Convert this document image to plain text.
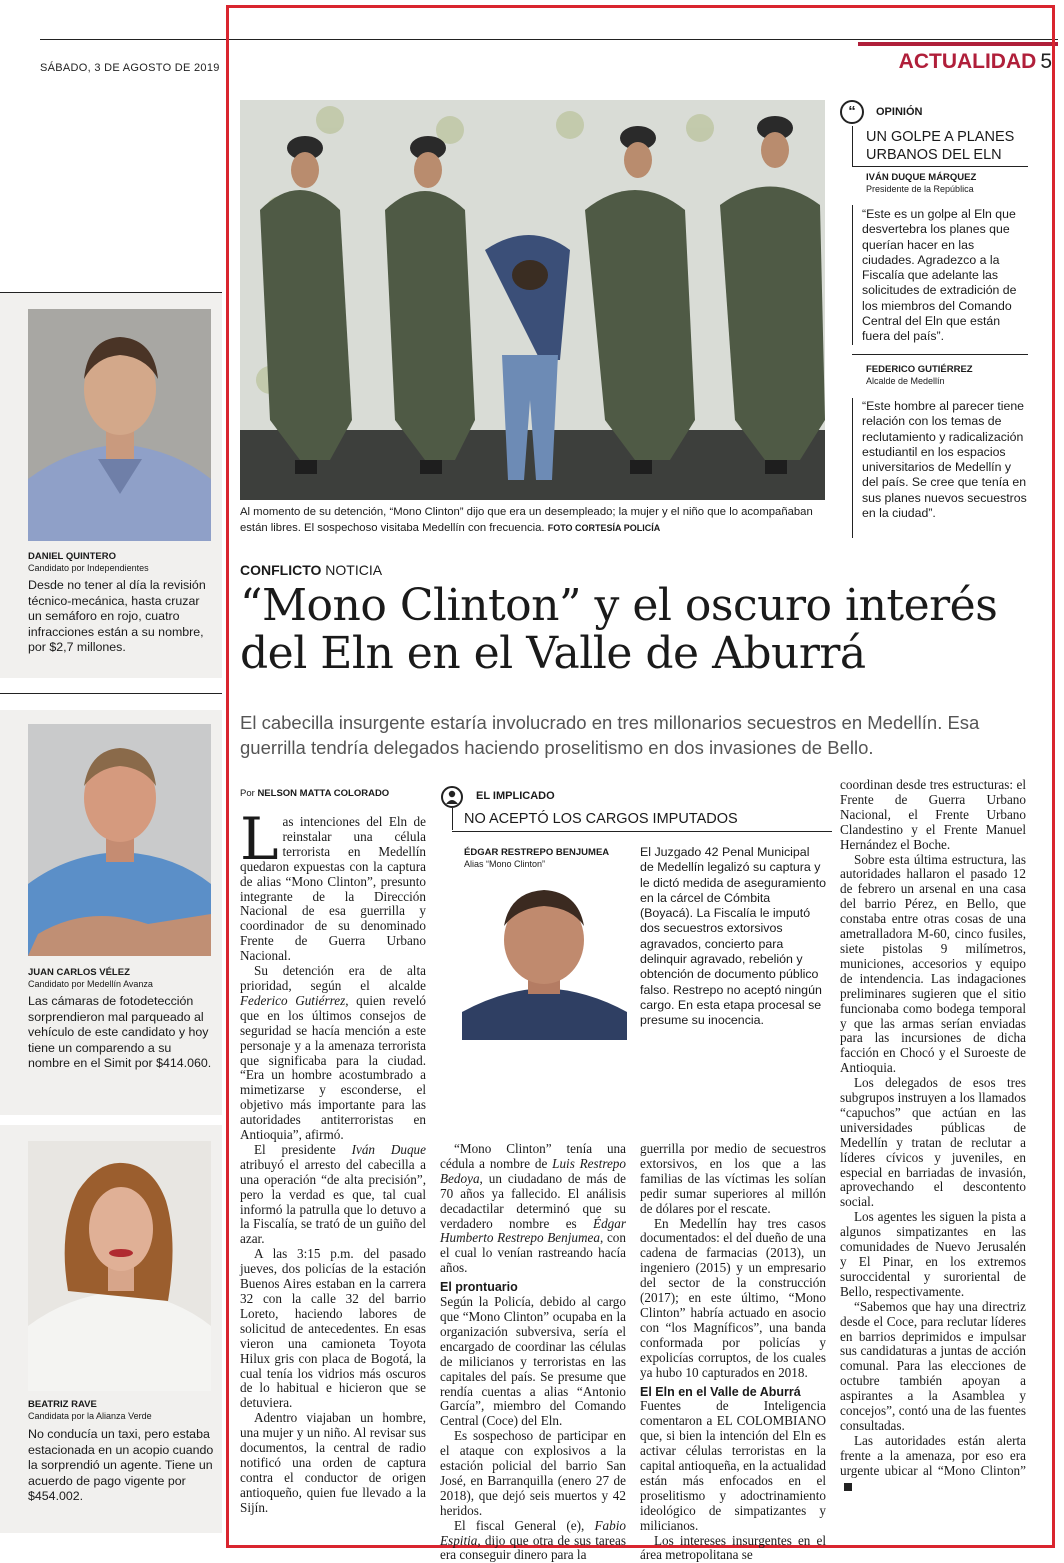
SÁBADO, 3 DE AGOSTO DE 2019	ACTUALIDAD 5
DANIEL QUINTERO
Candidato por Independientes
Desde no tener al día la revisión técnico-mecánica, hasta cruzar un semáforo en rojo, cuatro infracciones están a su nombre, por $2,7 millones.
JUAN CARLOS VÉLEZ
Candidato por Medellín Avanza
Las cámaras de fotodetección sorprendieron mal parqueado al vehículo de este candidato y hoy tiene un comparendo a su nombre en el Simit por $414.060.
BEATRIZ RAVE
Candidata por la Alianza Verde
No conducía un taxi, pero estaba estacionada en un acopio cuando la sorprendió un agente. Tiene un acuerdo de pago vigente por $454.002.
Al momento de su detención, “Mono Clinton” dijo que era un desempleado; la mujer y el niño que lo acompañaban están libres. El sospechoso visitaba Medellín con frecuencia. FOTO CORTESÍA POLICÍA
“	OPINIÓN
UN GOLPE A PLANES URBANOS DEL ELN
IVÁN DUQUE MÁRQUEZ
Presidente de la República
“Este es un golpe al Eln que desvertebra los planes que querían hacer en las ciudades. Agradezco a la Fiscalía que adelante las solicitudes de extradición de los miembros del Comando Central del Eln que están fuera del país”.
FEDERICO GUTIÉRREZ
Alcalde de Medellín
“Este hombre al parecer tiene relación con los temas de reclutamiento y radicalización estudiantil en los espacios universitarios de Medellín y del país. Se cree que tenía en sus planes nuevos secuestros en la ciudad”.
CONFLICTO NOTICIA
“Mono Clinton” y el oscuro interés del Eln en el Valle de Aburrá
El cabecilla insurgente estaría involucrado en tres millonarios secuestros en Medellín. Esa guerrilla tendría delegados haciendo proselitismo en dos invasiones de Bello.
Por NELSON MATTA COLORADO

Las intenciones del Eln de reinstalar una célula terrorista en Medellín quedaron expuestas con la captura de alias “Mono Clinton”, presunto integrante de la Dirección Nacional de esa guerrilla y coordinador de su denominado Frente de Guerra Urbano Nacional.

Su detención era de alta prioridad, según el alcalde Federico Gutiérrez, quien reveló que en los últimos consejos de seguridad se hacía mención a este personaje y a la amenaza terrorista que significaba para la ciudad. “Era un hombre acostumbrado a mimetizarse y esconderse, el objetivo más importante para las autoridades antiterroristas en Antioquia”, afirmó.

El presidente Iván Duque atribuyó el arresto del cabecilla a una operación “de alta precisión”, pero la verdad es que, tal cual informó la patrulla que lo detuvo a la Fiscalía, se trató de un guiño del azar.

A las 3:15 p.m. del pasado jueves, dos policías de la estación Buenos Aires estaban en la carrera 32 con la calle 32 del barrio Loreto, haciendo labores de solicitud de antecedentes. En esas vieron una camioneta Toyota Hilux gris con placa de Bogotá, la cual tenía los vidrios más oscuros de lo habitual e hicieron que se detuviera.

Adentro viajaban un hombre, una mujer y un niño. Al revisar sus documentos, la central de radio notificó una orden de captura contra el conductor de origen antioqueño, quien fue llevado a la Sijín.

EL IMPLICADO
NO ACEPTÓ LOS CARGOS IMPUTADOS
ÉDGAR RESTREPO BENJUMEA
Alias “Mono Clinton”
El Juzgado 42 Penal Municipal de Medellín legalizó su captura y le dictó medida de aseguramiento en la cárcel de Cómbita (Boyacá). La Fiscalía le imputó dos secuestros extorsivos agravados, concierto para delinquir agravado, rebelión y obtención de documento público falso. Restrepo no aceptó ningún cargo. En esta etapa procesal se presume su inocencia.

“Mono Clinton” tenía una cédula a nombre de Luis Restrepo Bedoya, un ciudadano de más de 70 años ya fallecido. El análisis decadactilar determinó que su verdadero nombre es Édgar Humberto Restrepo Benjumea, con el cual lo venían rastreando hacía años.

El prontuario

Según la Policía, debido al cargo que “Mono Clinton” ocupaba en la organización subversiva, sería el encargado de coordinar las células de milicianos y terroristas en las capitales del país. Se presume que rendía cuentas a alias “Antonio García”, miembro del Comando Central (Coce) del Eln.

Es sospechoso de participar en el ataque con explosivos a la estación policial del barrio San José, en Barranquilla (enero 27 de 2018), que dejó seis muertos y 42 heridos.

El fiscal General (e), Fabio Espitia, dijo que otra de sus tareas era conseguir dinero para la

guerrilla por medio de secuestros extorsivos, en los que a las familias de las víctimas les solían pedir sumar superiores al millón de dólares por el rescate.

En Medellín hay tres casos documentados: el del dueño de una cadena de farmacias (2013), un ingeniero (2015) y un empresario del sector de la construcción (2017); en este último, “Mono Clinton” habría actuado en asocio con “los Magníficos”, una banda conformada por policías y expolicías corruptos, de los cuales ya hubo 10 capturados en 2018.

El Eln en el Valle de Aburrá

Fuentes de Inteligencia comentaron a EL COLOMBIANO que, si bien la intención del Eln es activar células terroristas en la capital antioqueña, en la actualidad están más enfocados en el proselitismo y adoctrinamiento ideológico de simpatizantes y milicianos.

Los intereses insurgentes en el área metropolitana se

coordinan desde tres estructuras: el Frente de Guerra Urbano Nacional, el Frente Urbano Clandestino y el Frente Manuel Hernández el Boche.

Sobre esta última estructura, las autoridades hallaron el pasado 12 de febrero un arsenal en una casa del barrio Pérez, en Bello, que constaba entre otras cosas de una ametralladora M-60, cinco fusiles, siete pistolas 9 milímetros, municiones, accesorios y equipo de intendencia. Las indagaciones preliminares sugieren que el sitio funcionaba como bodega temporal y que las armas serían enviadas para las incursiones de dicha facción en Chocó y el Suroeste de Antioquia.

Los delegados de esos tres subgrupos instruyen a los llamados “capuchos” que actúan en las universidades públicas de Medellín y tratan de reclutar a líderes cívicos y juveniles, en especial en barriadas de invasión, aprovechando el descontento social.

Los agentes les siguen la pista a algunos simpatizantes en las comunidades de Nuevo Jerusalén y El Pinar, en los extremos suroccidental y suroriental de Bello, respectivamente.

“Sabemos que hay una directriz desde el Coce, para reclutar líderes en barrios deprimidos e impulsar sus candidaturas a juntas de acción comunal. Para las elecciones de octubre también apoyan a aspirantes a la Asamblea y concejos”, contó una de las fuentes consultadas.

Las autoridades están alerta frente a la amenaza, por eso era urgente ubicar al “Mono Clinton”
